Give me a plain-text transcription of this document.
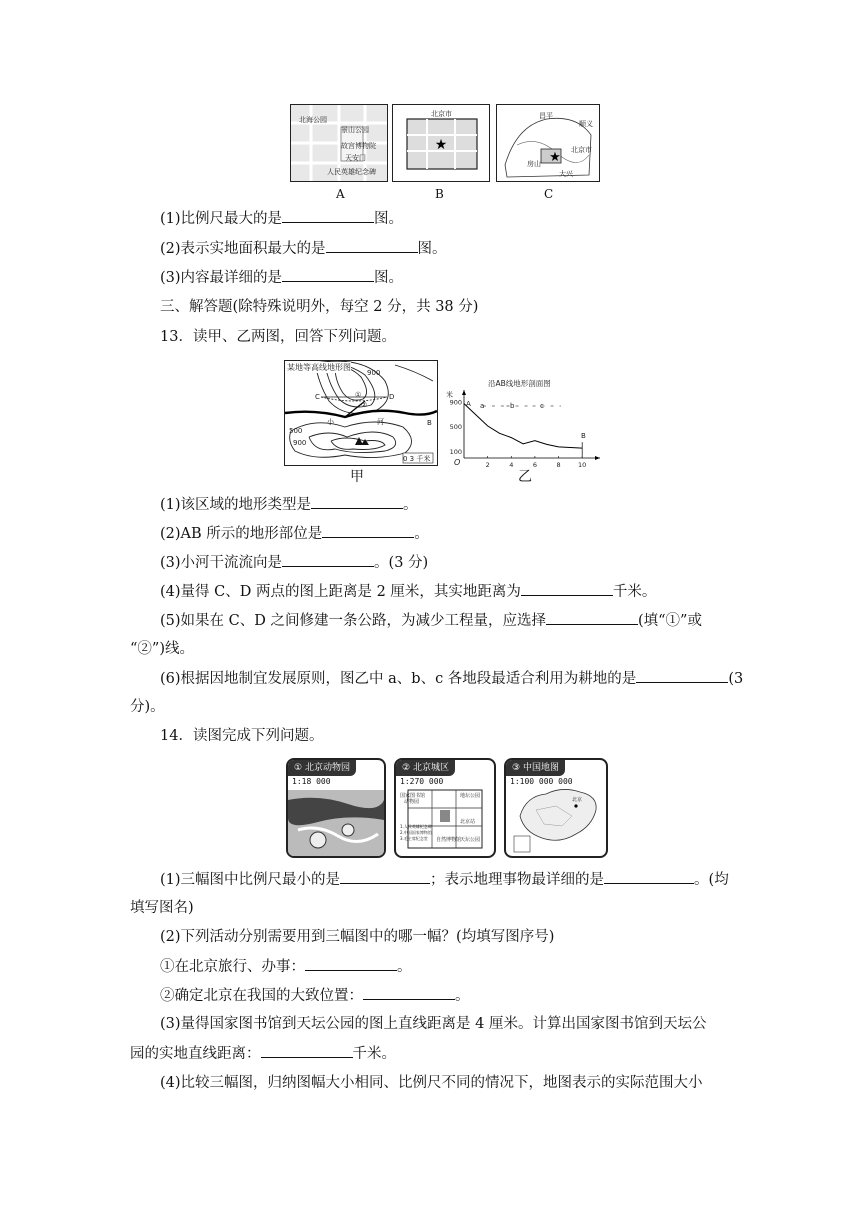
北海公园
景山公园
故宫博物院
天安门
人民英雄纪念碑
A
★
北京市
B
★
昌平
顺义
北京市
房山
大兴
C
(1)比例尺最大的是	图。
(2)表示实地面积最大的是	图。
(3)内容最详细的是	图。
三、解答题(除特殊说明外，每空 2 分，共 38 分)
13．读甲、乙两图，回答下列问题。
某地等高线地形图
C	D
①
②
小	河	B
500
900
900
0 3 千米
甲
2	4	6	8	10
100
500
900
沿AB线地形剖面图
米
O
A
B
a	b	c
乙
(1)该区域的地形类型是	。
(2)AB 所示的地形部位是	。
(3)小河干流流向是	。(3 分)
(4)量得 C、D 两点的图上距离是 2 厘米，其实地距离为	千米。
(5)如果在 C、D 之间修建一条公路，为减少工程量，应选择	(填“①”或
“②”)线。
(6)根据因地制宜发展原则，图乙中 a、b、c 各地段最适合利用为耕地的是	(3
分)。
14．读图完成下列问题。
① 北京动物园
1:18 000
② 北京城区
1:270 000
国家图书馆
动物园
地坛公园
天坛公园
北京站
自然博物馆
1.人民英雄纪念碑
2.中国国家博物馆
3.毛主席纪念堂
③ 中国地图
1:100 000 000
北京
(1)三幅图中比例尺最小的是	；表示地理事物最详细的是	。(均
填写图名)
(2)下列活动分别需要用到三幅图中的哪一幅？(均填写图序号)
①在北京旅行、办事：	。
②确定北京在我国的大致位置：	。
(3)量得国家图书馆到天坛公园的图上直线距离是 4 厘米。计算出国家图书馆到天坛公
园的实地直线距离：	千米。
(4)比较三幅图，归纳图幅大小相同、比例尺不同的情况下，地图表示的实际范围大小
